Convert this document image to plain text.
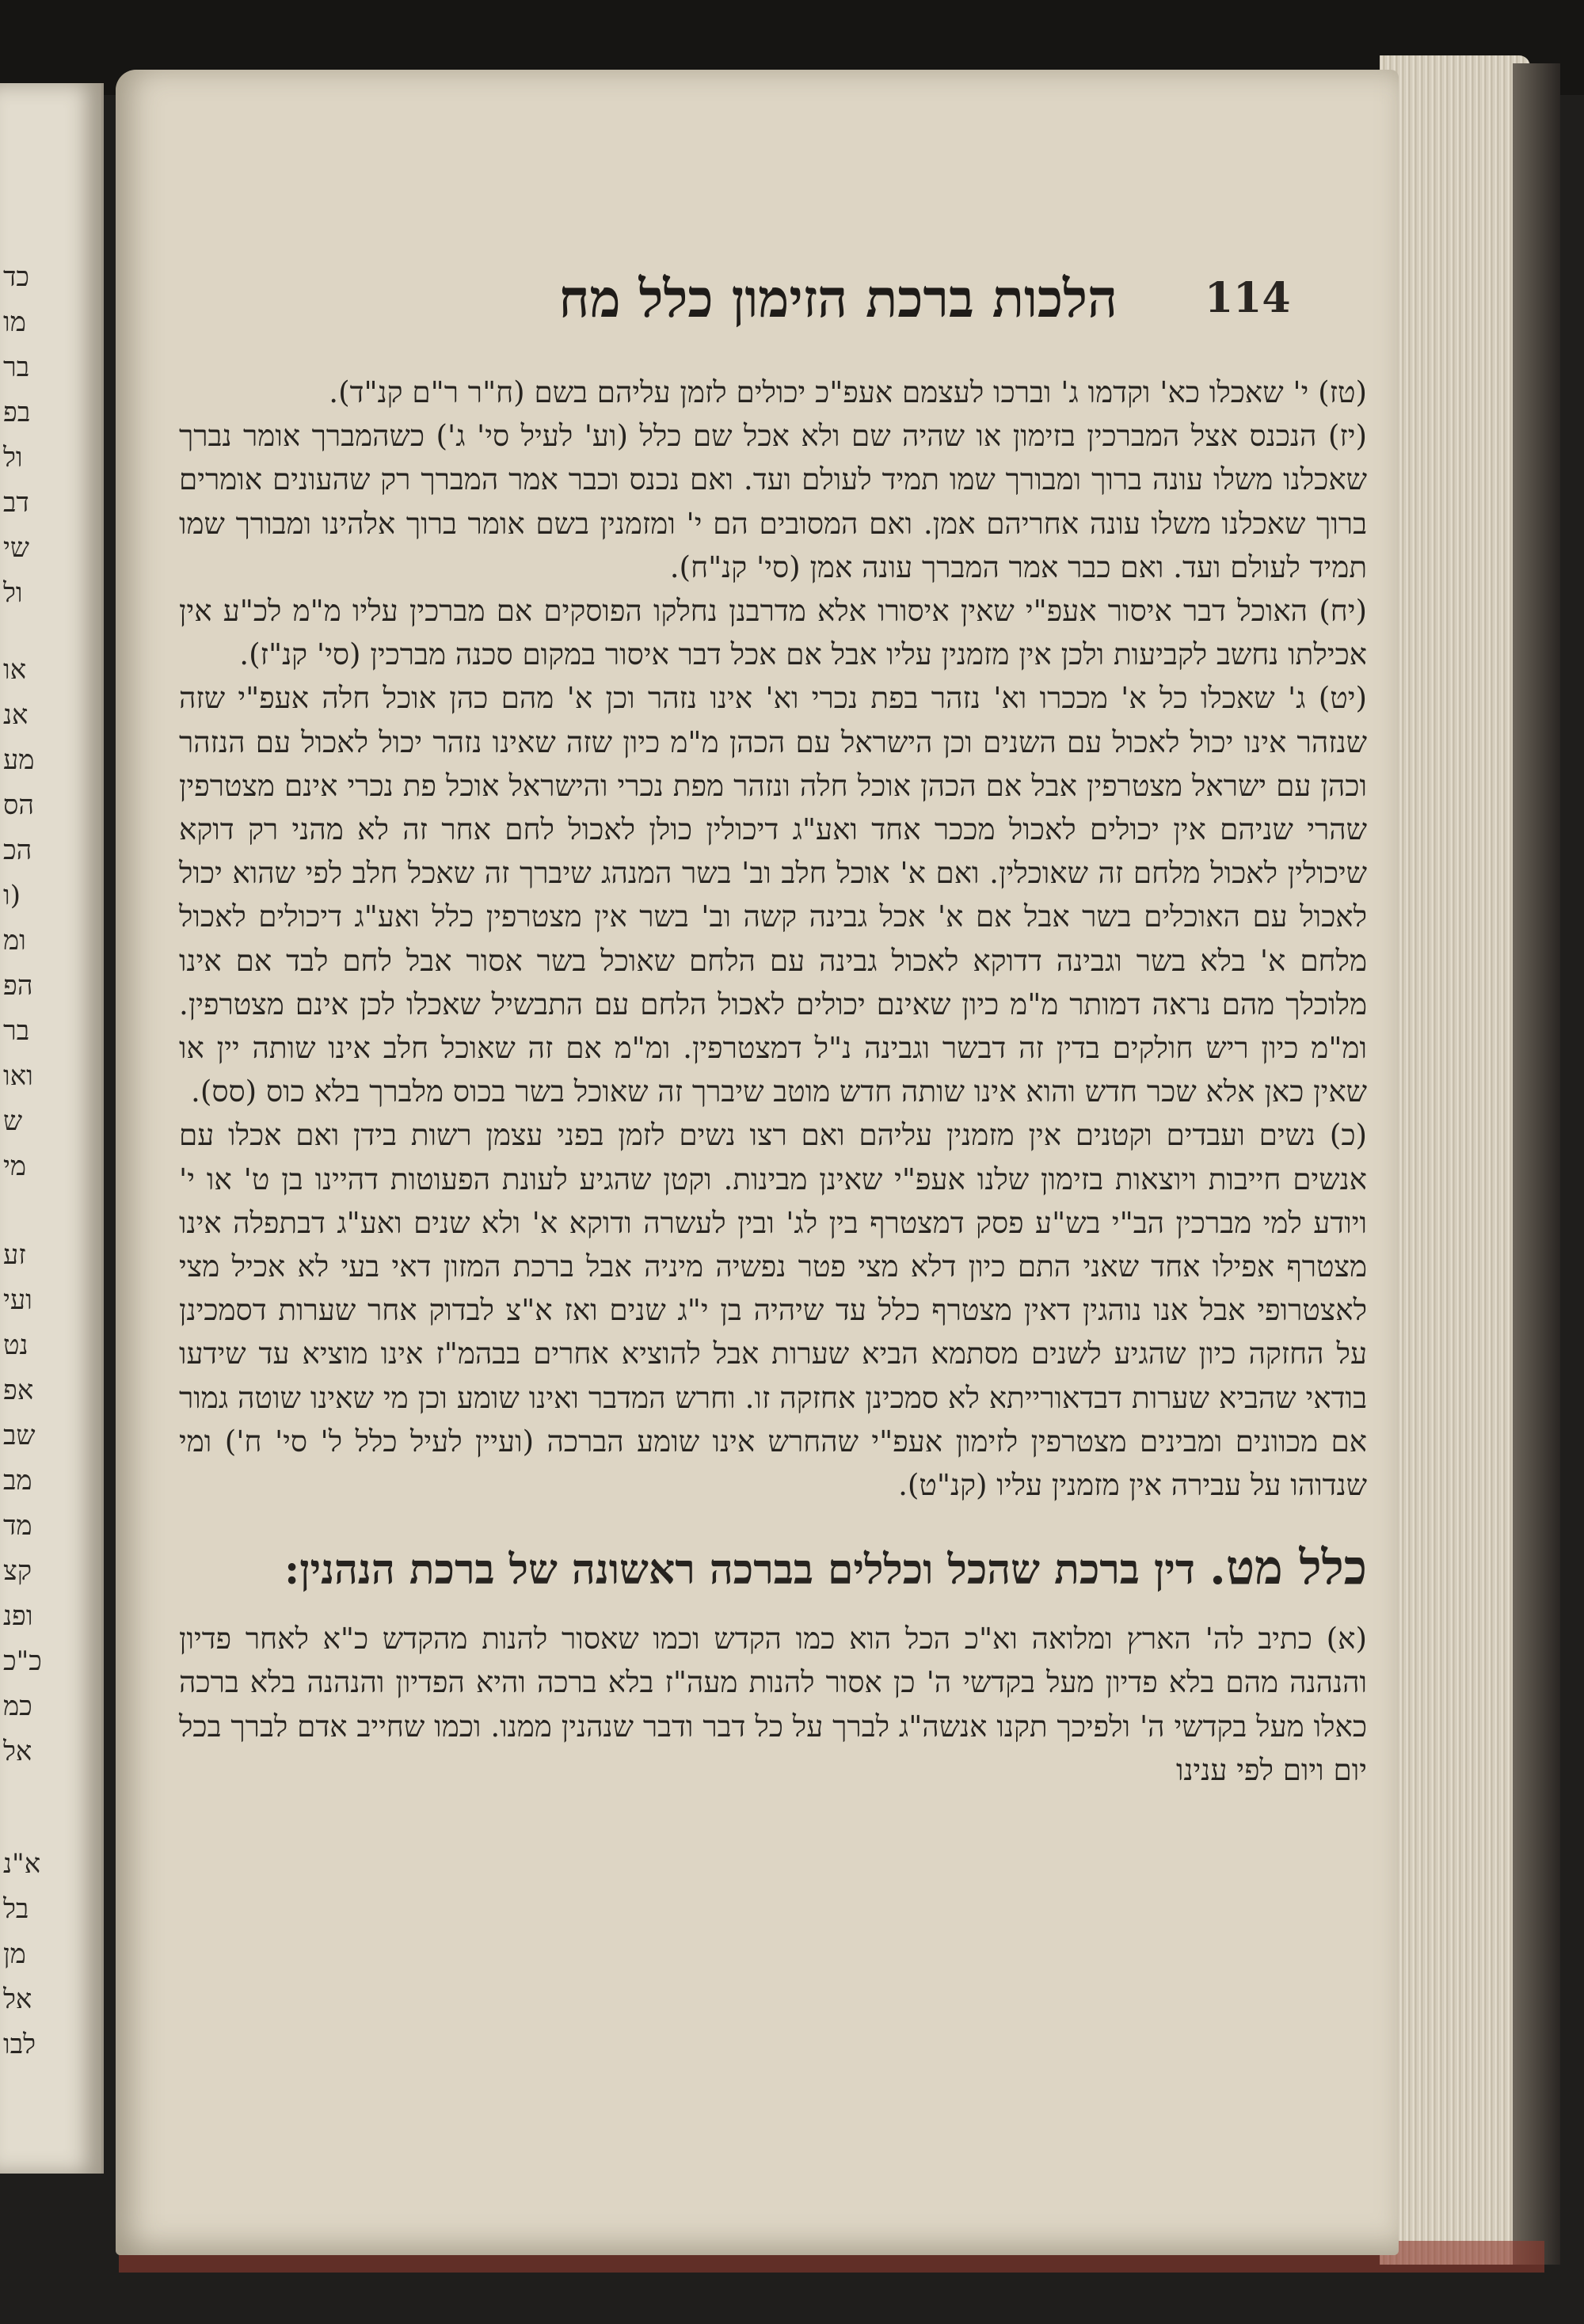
כד
מו
בר
בפ
ול
דב
שי
ול
או
אנ
מע
הס
הכ
(ו
ומ
הפ
בר
ואו
ש
מי
זע
ועי
נט
אפ
שב
מב
מד
קצ
ופנ
כ"כ
כמ
אל
א"נ
בל
מן
אל
לבו
114
הלכות ברכת הזימון כלל מח

(טז) י' שאכלו כא' וקדמו ג' וברכו לעצמם אעפ"כ יכולים לזמן עליהם בשם (ח"ר ר"ם קנ"ד).

(יז) הנכנס אצל המברכין בזימון או שהיה שם ולא אכל שם כלל (וע' לעיל סי' ג') כשהמברך אומר נברך שאכלנו משלו עונה ברוך ומבורך שמו תמיד לעולם ועד. ואם נכנס וכבר אמר המברך רק שהעונים אומרים ברוך שאכלנו משלו עונה אחריהם אמן. ואם המסובים הם י' ומזמנין בשם אומר ברוך אלהינו ומבורך שמו תמיד לעולם ועד. ואם כבר אמר המברך עונה אמן (סי' קנ"ח).

(יח) האוכל דבר איסור אעפ"י שאין איסורו אלא מדרבנן נחלקו הפוסקים אם מברכין עליו מ"מ לכ"ע אין אכילתו נחשב לקביעות ולכן אין מזמנין עליו אבל אם אכל דבר איסור במקום סכנה מברכין (סי' קנ"ז).

(יט) ג' שאכלו כל א' מככרו וא' נזהר בפת נכרי וא' אינו נזהר וכן א' מהם כהן אוכל חלה אעפ"י שזה שנזהר אינו יכול לאכול עם השנים וכן הישראל עם הכהן מ"מ כיון שזה שאינו נזהר יכול לאכול עם הנזהר וכהן עם ישראל מצטרפין אבל אם הכהן אוכל חלה ונזהר מפת נכרי והישראל אוכל פת נכרי אינם מצטרפין שהרי שניהם אין יכולים לאכול מככר אחד ואע"ג דיכולין כולן לאכול לחם אחר זה לא מהני רק דוקא שיכולין לאכול מלחם זה שאוכלין. ואם א' אוכל חלב וב' בשר המנהג שיברך זה שאכל חלב לפי שהוא יכול לאכול עם האוכלים בשר אבל אם א' אכל גבינה קשה וב' בשר אין מצטרפין כלל ואע"ג דיכולים לאכול מלחם א' בלא בשר וגבינה דדוקא לאכול גבינה עם הלחם שאוכל בשר אסור אבל לחם לבד אם אינו מלוכלך מהם נראה דמותר מ"מ כיון שאינם יכולים לאכול הלחם עם התבשיל שאכלו לכן אינם מצטרפין. ומ"מ כיון ריש חולקים בדין זה דבשר וגבינה נ"ל דמצטרפין. ומ"מ אם זה שאוכל חלב אינו שותה יין או שאין כאן אלא שכר חדש והוא אינו שותה חדש מוטב שיברך זה שאוכל בשר בכוס מלברך בלא כוס (סס).

(כ) נשים ועבדים וקטנים אין מזמנין עליהם ואם רצו נשים לזמן בפני עצמן רשות בידן ואם אכלו עם אנשים חייבות ויוצאות בזימון שלנו אעפ"י שאינן מבינות. וקטן שהגיע לעונת הפעוטות דהיינו בן ט' או י' ויודע למי מברכין הב"י בש"ע פסק דמצטרף בין לג' ובין לעשרה ודוקא א' ולא שנים ואע"ג דבתפלה אינו מצטרף אפילו אחד שאני התם כיון דלא מצי פטר נפשיה מיניה אבל ברכת המזון דאי בעי לא אכיל מצי לאצטרופי אבל אנו נוהגין דאין מצטרף כלל עד שיהיה בן י"ג שנים ואז א"צ לבדוק אחר שערות דסמכינן על החזקה כיון שהגיע לשנים מסתמא הביא שערות אבל להוציא אחרים בבהמ"ז אינו מוציא עד שידעו בודאי שהביא שערות דבדאורייתא לא סמכינן אחזקה זו. וחרש המדבר ואינו שומע וכן מי שאינו שוטה גמור אם מכוונים ומבינים מצטרפין לזימון אעפ"י שהחרש אינו שומע הברכה (ועיין לעיל כלל ל' סי' ח') ומי שנדוהו על עבירה אין מזמנין עליו (קנ"ט).

כלל מט. דין ברכת שהכל וכללים בברכה ראשונה של ברכת הנהנין:

(א) כתיב לה' הארץ ומלואה וא"כ הכל הוא כמו הקדש וכמו שאסור להנות מהקדש כ"א לאחר פדיון והנהנה מהם בלא פדיון מעל בקדשי ה' כן אסור להנות מעה"ז בלא ברכה והיא הפדיון והנהנה בלא ברכה כאלו מעל בקדשי ה' ולפיכך תקנו אנשה"ג לברך על כל דבר ודבר שנהנין ממנו. וכמו שחייב אדם לברך בכל יום ויום לפי ענינו
